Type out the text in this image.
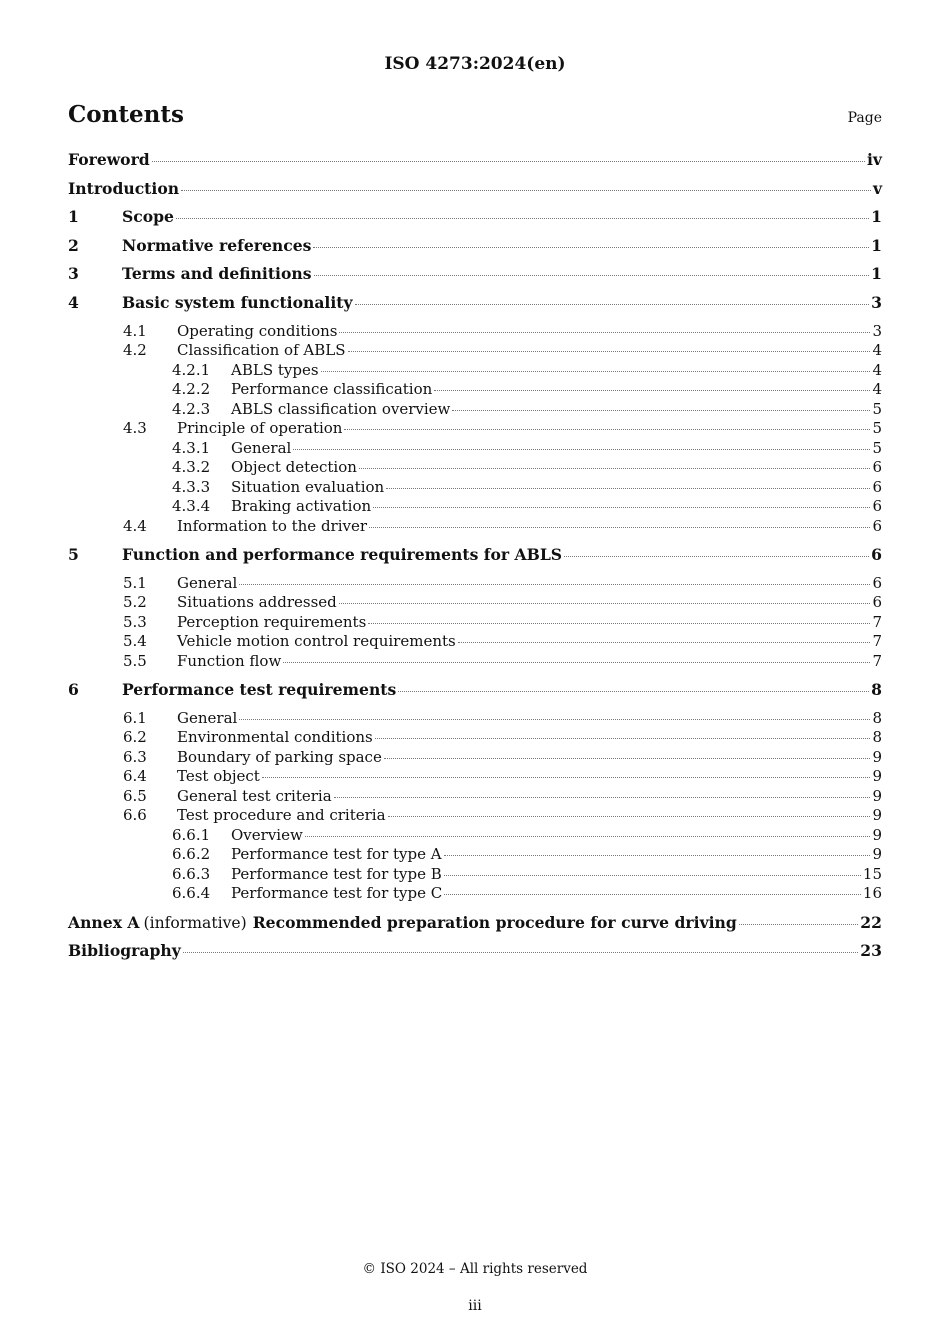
ISO 4273:2024(en)
Contents	Page
Foreword	iv
Introduction	v
1	Scope	1
2	Normative references	1
3	Terms and definitions	1
4	Basic system functionality	3
4.1	Operating conditions	3
4.2	Classification of ABLS	4
4.2.1	ABLS types	4
4.2.2	Performance classification	4
4.2.3	ABLS classification overview	5
4.3	Principle of operation	5
4.3.1	General	5
4.3.2	Object detection	6
4.3.3	Situation evaluation	6
4.3.4	Braking activation	6
4.4	Information to the driver	6
5	Function and performance requirements for ABLS	6
5.1	General	6
5.2	Situations addressed	6
5.3	Perception requirements	7
5.4	Vehicle motion control requirements	7
5.5	Function flow	7
6	Performance test requirements	8
6.1	General	8
6.2	Environmental conditions	8
6.3	Boundary of parking space	9
6.4	Test object	9
6.5	General test criteria	9
6.6	Test procedure and criteria	9
6.6.1	Overview	9
6.6.2	Performance test for type A	9
6.6.3	Performance test for type B	15
6.6.4	Performance test for type C	16
Annex A (informative) Recommended preparation procedure for curve driving	22
Bibliography	23
© ISO 2024 – All rights reserved
iii
